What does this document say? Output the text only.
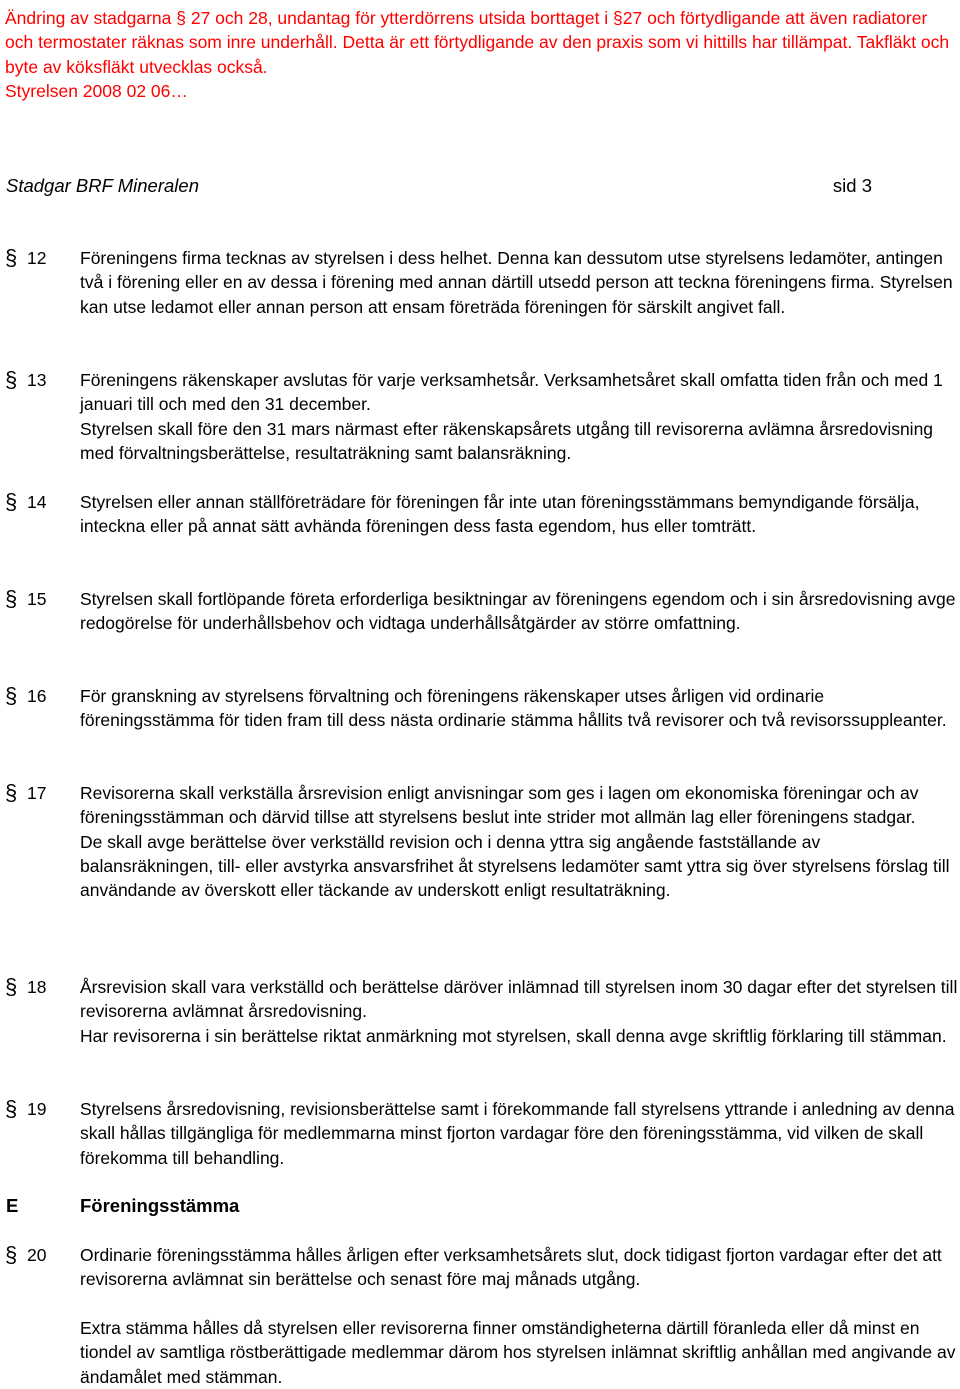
Ändring av stadgarna § 27 och 28, undantag för ytterdörrens utsida borttaget i §27 och förtydligande att även radiatorer och termostater räknas som inre underhåll. Detta är ett förtydligande av den praxis som vi hittills har tillämpat. Takfläkt och byte av köksfläkt utvecklas också.
Styrelsen 2008 02 06…
Stadgar BRF Mineralen	sid 3
§ 12 Föreningens firma tecknas av styrelsen i dess helhet. Denna kan dessutom utse styrelsens ledamöter, antingen två i förening eller en av dessa i förening med annan därtill utsedd person att teckna föreningens firma. Styrelsen kan utse ledamot eller annan person att ensam företräda föreningen för särskilt angivet fall.

§ 13 Föreningens räkenskaper avslutas för varje verksamhetsår. Verksamhetsåret skall omfatta tiden från och med 1 januari till och med den 31 december.

Styrelsen skall före den 31 mars närmast efter räkenskapsårets utgång till revisorerna avlämna årsredovisning med förvaltningsberättelse, resultaträkning samt balansräkning.

§ 14 Styrelsen eller annan ställföreträdare för föreningen får inte utan föreningsstämmans bemyndigande försälja, inteckna eller på annat sätt avhända föreningen dess fasta egendom, hus eller tomträtt.

§ 15 Styrelsen skall fortlöpande företa erforderliga besiktningar av föreningens egendom och i sin årsredovisning avge redogörelse för underhållsbehov och vidtaga underhållsåtgärder av större omfattning.

§ 16 För granskning av styrelsens förvaltning och föreningens räkenskaper utses årligen vid ordinarie föreningsstämma för tiden fram till dess nästa ordinarie stämma hållits två revisorer och två revisorssuppleanter.

§ 17 Revisorerna skall verkställa årsrevision enligt anvisningar som ges i lagen om ekonomiska föreningar och av föreningsstämman och därvid tillse att styrelsens beslut inte strider mot allmän lag eller föreningens stadgar.

De skall avge berättelse över verkställd revision och i denna yttra sig angående fastställande av balansräkningen, till- eller avstyrka ansvarsfrihet åt styrelsens ledamöter samt yttra sig över styrelsens förslag till användande av överskott eller täckande av underskott enligt resultaträkning.

§ 18 Årsrevision skall vara verkställd och berättelse däröver inlämnad till styrelsen inom 30 dagar efter det styrelsen till revisorerna avlämnat årsredovisning.

Har revisorerna i sin berättelse riktat anmärkning mot styrelsen, skall denna avge skriftlig förklaring till stämman.

§ 19 Styrelsens årsredovisning, revisionsberättelse samt i förekommande fall styrelsens yttrande i anledning av denna skall hållas tillgängliga för medlemmarna minst fjorton vardagar före den föreningsstämma, vid vilken de skall förekomma till behandling.

E	Föreningsstämma
§ 20 Ordinarie föreningsstämma hålles årligen efter verksamhetsårets slut, dock tidigast fjorton vardagar efter det att revisorerna avlämnat sin berättelse och senast före maj månads utgång.

Extra stämma hålles då styrelsen eller revisorerna finner omständigheterna därtill föranleda eller då minst en tiondel av samtliga röstberättigade medlemmar därom hos styrelsen inlämnat skriftlig anhållan med angivande av ändamålet med stämman.
